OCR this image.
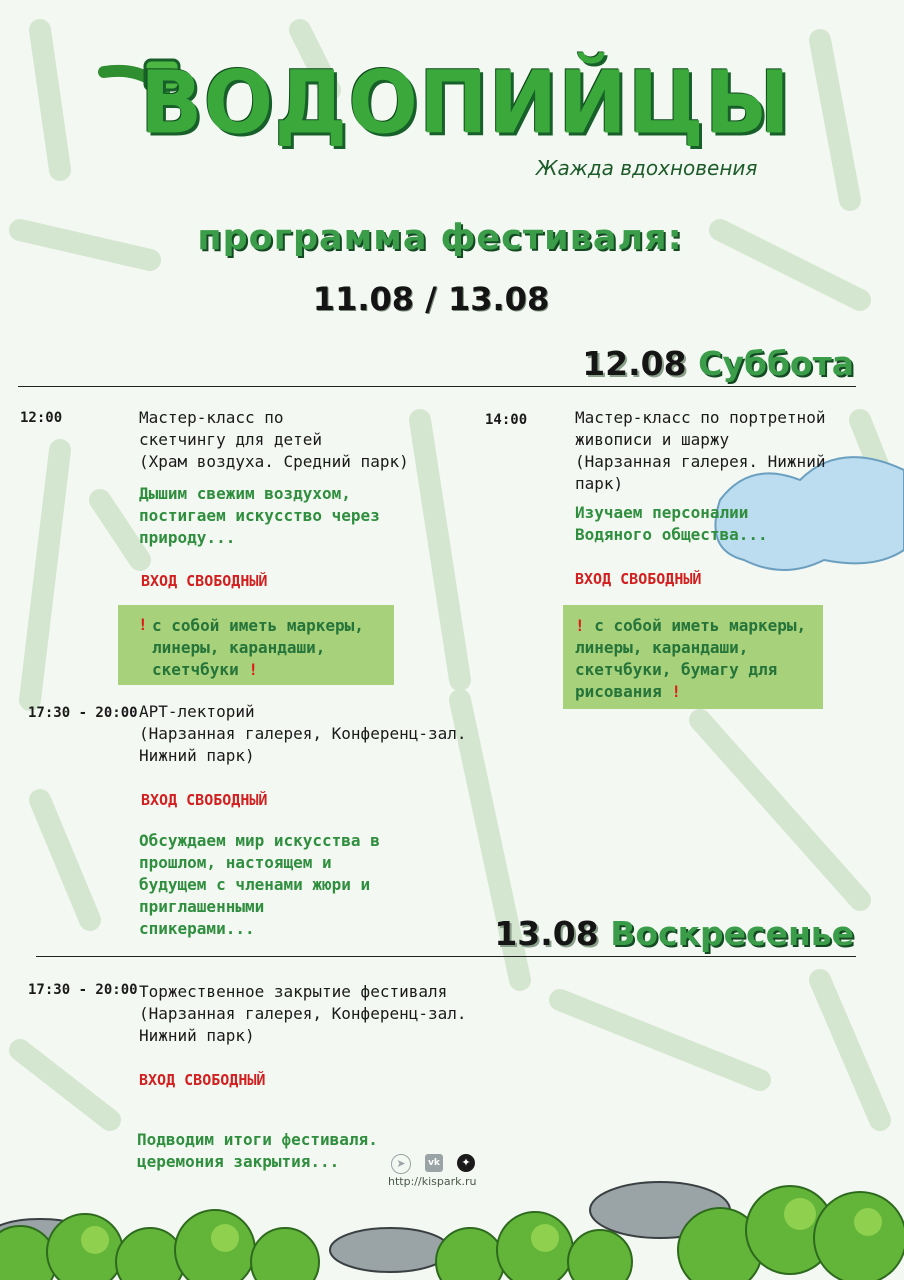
ВОДОПИЙЦЫ
Жажда вдохновения
программа фестиваля:
11.08 / 13.08
12.08 Суббота
12:00	Мастер-класс по
скетчингу для детей
(Храм воздуха. Средний парк)
Дышим свежим воздухом,
постигаем искусство через
природу...
ВХОД СВОБОДНЫЙ
! с собой иметь маркеры,
линеры, карандаши,
скетчбуки !
14:00	Мастер-класс по портретной
живописи и шаржу
(Нарзанная галерея. Нижний
парк)
Изучаем персоналии
Водяного общества...
ВХОД СВОБОДНЫЙ
! с собой иметь маркеры,
линеры, карандаши,
скетчбуки, бумагу для
рисования !
17:30 - 20:00 АРТ-лекторий
(Нарзанная галерея, Конференц-зал.
Нижний парк)
ВХОД СВОБОДНЫЙ
Обсуждаем мир искусства в
прошлом, настоящем и
будущем с членами жюри и
приглашенными
спикерами...	13.08 Воскресенье
17:30 - 20:00 Торжественное закрытие фестиваля
(Нарзанная галерея, Конференц-зал.
Нижний парк)
ВХОД СВОБОДНЫЙ
Подводим итоги фестиваля.
церемония закрытия...	➤	vk	✦
http://kispark.ru
